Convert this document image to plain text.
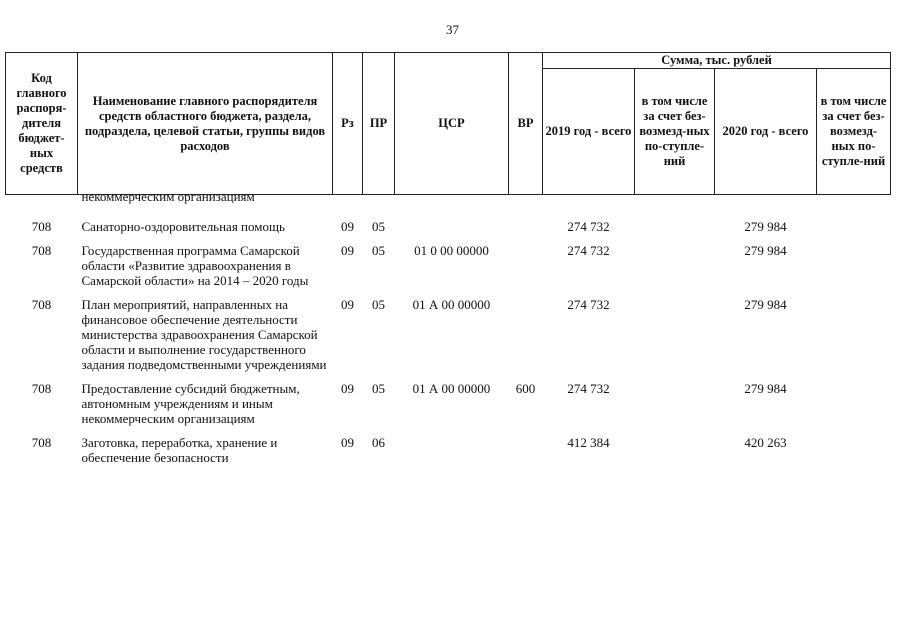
37
Код главного распоря-дителя бюджет-ных средств	Наименование главного распорядителя средств областного бюджета, раздела, подраздела, целевой статьи, группы видов расходов	Рз	ПР	ЦСР	ВР	Сумма, тыс. рублей			
						2019 год - всего	в том числе за счет без-возмезд-ных по-ступле-ний	2020 год - всего	в том числе за счет без-возмезд-ных по-ступле-ний
	некоммерческим организациям								
708	Санаторно-оздоровительная помощь	09	05			274 732		279 984	
708	Государственная программа Самарской области «Развитие здравоохранения в Самарской области» на 2014 – 2020 годы	09	05	01 0 00 00000		274 732		279 984	
708	План мероприятий, направленных на финансовое обеспечение деятельности министерства здравоохранения Самарской области и выполнение государственного задания подведомственными учреждениями	09	05	01 А 00 00000		274 732		279 984	
708	Предоставление субсидий бюджетным, автономным учреждениям и иным некоммерческим организациям	09	05	01 А 00 00000	600	274 732		279 984	
708	Заготовка, переработка, хранение и обеспечение безопасности	09	06			412 384		420 263	
